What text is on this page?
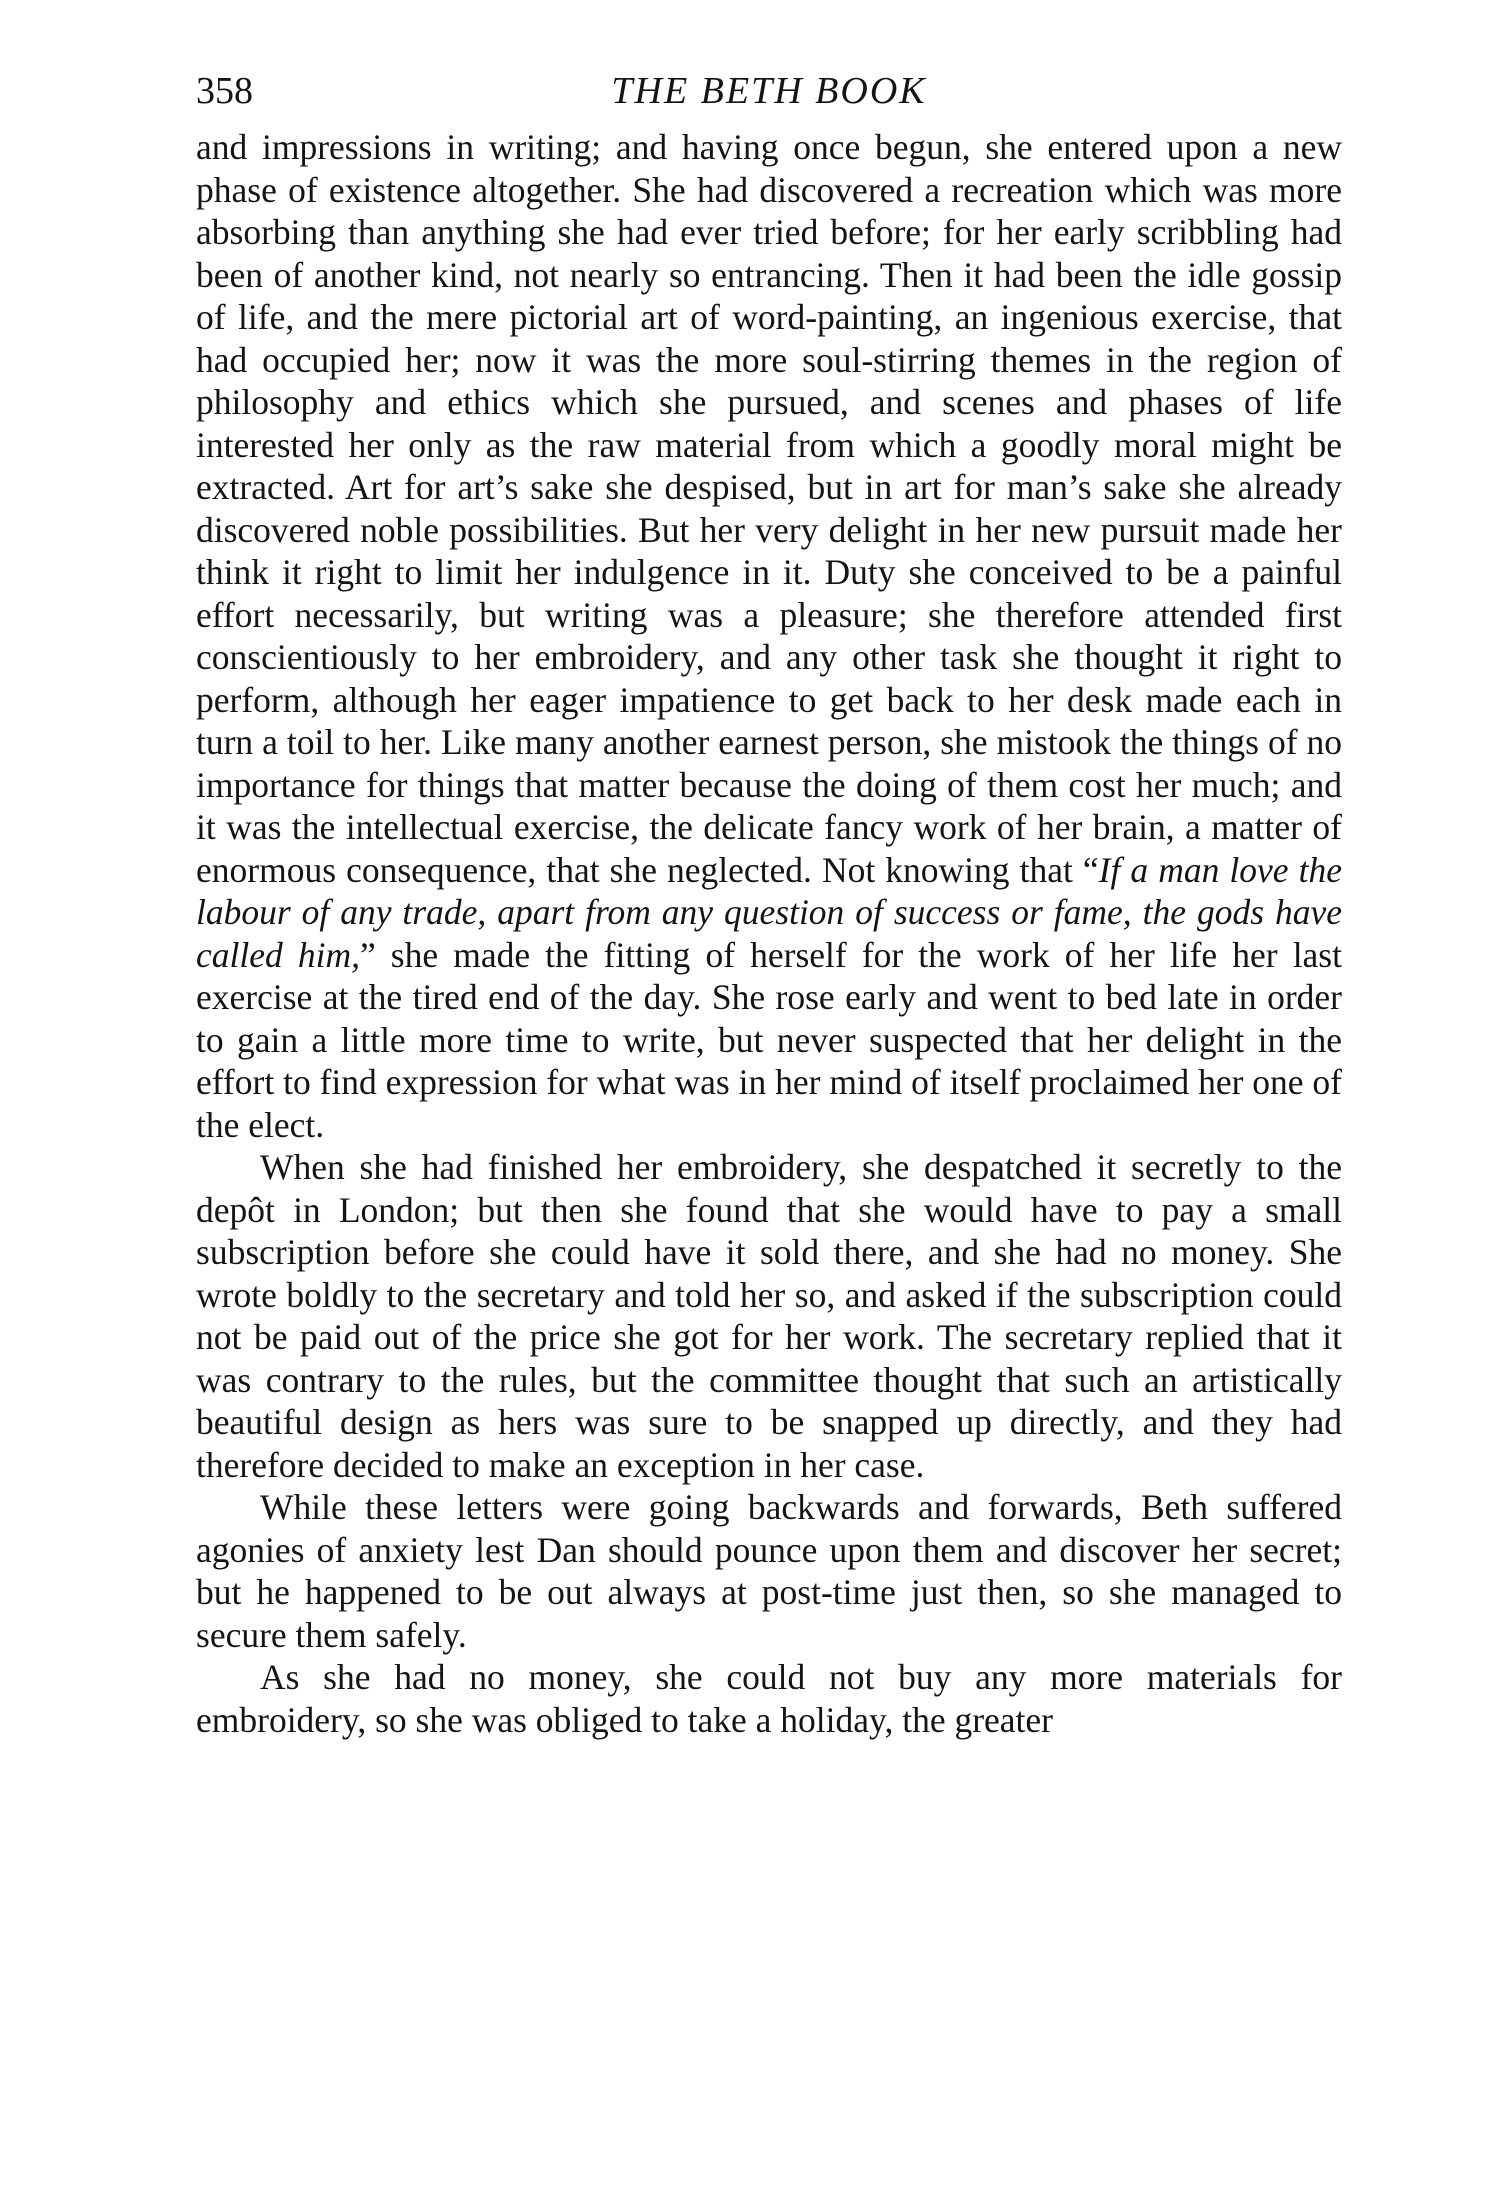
358	THE BETH BOOK

and impressions in writing; and having once begun, she entered upon a new phase of existence altogether. She had discovered a recreation which was more absorbing than anything she had ever tried before; for her early scribbling had been of another kind, not nearly so entrancing. Then it had been the idle gossip of life, and the mere pictorial art of word-painting, an ingenious exercise, that had occupied her; now it was the more soul-stirring themes in the region of philosophy and ethics which she pursued, and scenes and phases of life interested her only as the raw material from which a goodly moral might be extracted. Art for art’s sake she despised, but in art for man’s sake she already discovered noble possibilities. But her very delight in her new pursuit made her think it right to limit her indulgence in it. Duty she conceived to be a painful effort necessarily, but writing was a pleasure; she therefore attended first conscientiously to her embroidery, and any other task she thought it right to perform, although her eager impatience to get back to her desk made each in turn a toil to her. Like many another earnest person, she mistook the things of no importance for things that matter because the doing of them cost her much; and it was the intellectual exercise, the delicate fancy work of her brain, a matter of enormous consequence, that she neglected. Not knowing that “If a man love the labour of any trade, apart from any question of success or fame, the gods have called him,” she made the fitting of herself for the work of her life her last exercise at the tired end of the day. She rose early and went to bed late in order to gain a little more time to write, but never suspected that her delight in the effort to find expression for what was in her mind of itself proclaimed her one of the elect.

When she had finished her embroidery, she despatched it secretly to the depôt in London; but then she found that she would have to pay a small subscription before she could have it sold there, and she had no money. She wrote boldly to the secretary and told her so, and asked if the subscription could not be paid out of the price she got for her work. The secretary replied that it was contrary to the rules, but the committee thought that such an artistically beautiful design as hers was sure to be snapped up directly, and they had therefore decided to make an exception in her case.

While these letters were going backwards and forwards, Beth suffered agonies of anxiety lest Dan should pounce upon them and discover her secret; but he happened to be out always at post-time just then, so she managed to secure them safely.

As she had no money, she could not buy any more materials for embroidery, so she was obliged to take a holiday, the greater
